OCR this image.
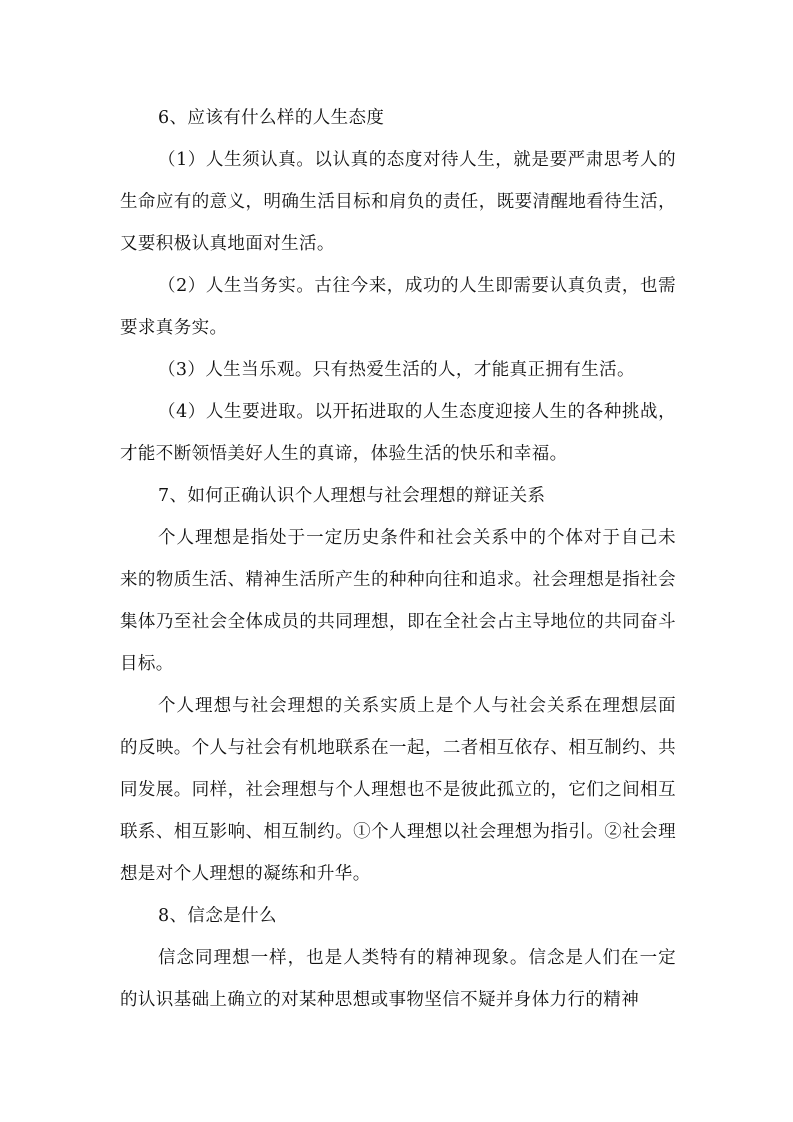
6、应该有什么样的人生态度

（1）人生须认真。以认真的态度对待人生，就是要严肃思考人的生命应有的意义，明确生活目标和肩负的责任，既要清醒地看待生活，又要积极认真地面对生活。

（2）人生当务实。古往今来，成功的人生即需要认真负责，也需要求真务实。

（3）人生当乐观。只有热爱生活的人，才能真正拥有生活。

（4）人生要进取。以开拓进取的人生态度迎接人生的各种挑战，才能不断领悟美好人生的真谛，体验生活的快乐和幸福。

7、如何正确认识个人理想与社会理想的辩证关系

个人理想是指处于一定历史条件和社会关系中的个体对于自己未来的物质生活、精神生活所产生的种种向往和追求。社会理想是指社会集体乃至社会全体成员的共同理想，即在全社会占主导地位的共同奋斗目标。

个人理想与社会理想的关系实质上是个人与社会关系在理想层面的反映。个人与社会有机地联系在一起，二者相互依存、相互制约、共同发展。同样，社会理想与个人理想也不是彼此孤立的，它们之间相互联系、相互影响、相互制约。①个人理想以社会理想为指引。②社会理想是对个人理想的凝练和升华。

8、信念是什么

信念同理想一样，也是人类特有的精神现象。信念是人们在一定的认识基础上确立的对某种思想或事物坚信不疑并身体力行的精神
